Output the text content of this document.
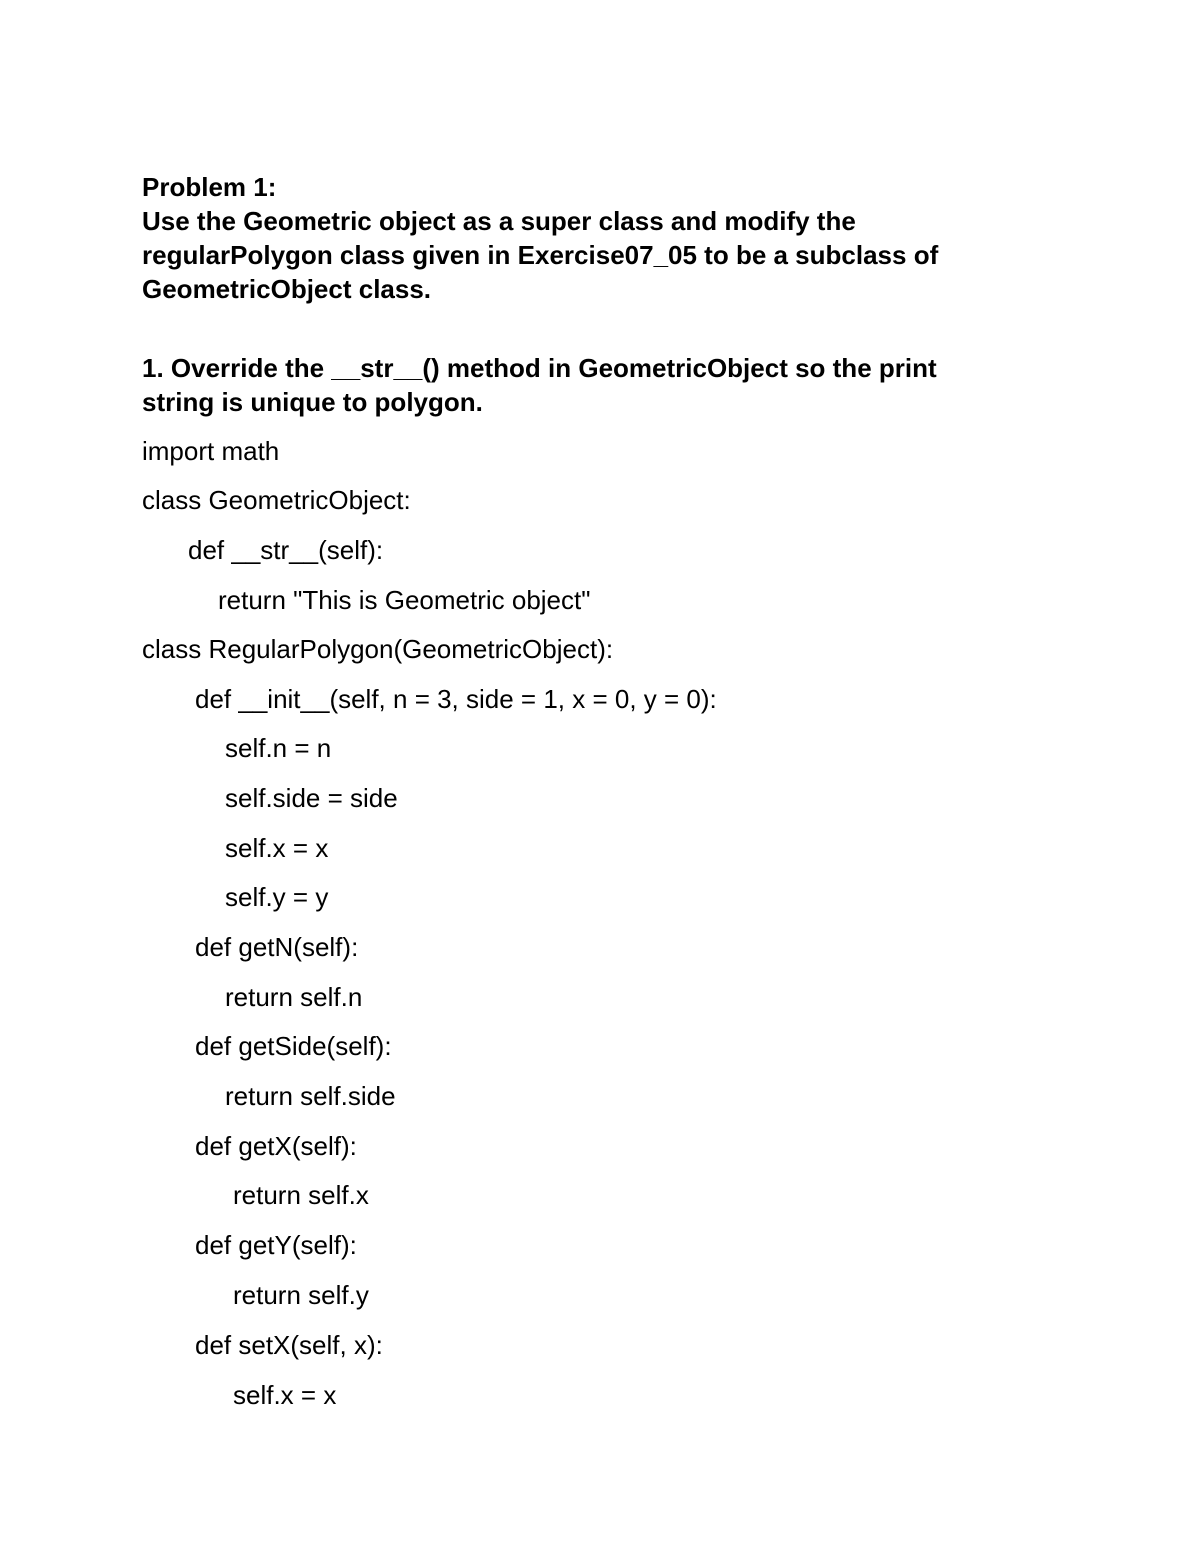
Problem 1:
Use the Geometric object as a super class and modify the
regularPolygon class given in Exercise07_05 to be a subclass of
GeometricObject class.
1. Override the __str__() method in GeometricObject so the print
string is unique to polygon.
import math
class GeometricObject:
def __str__(self):
return "This is Geometric object"
class RegularPolygon(GeometricObject):
def __init__(self, n = 3, side = 1, x = 0, y = 0):
self.n = n
self.side = side
self.x = x
self.y = y
def getN(self):
return self.n
def getSide(self):
return self.side
def getX(self):
return self.x
def getY(self):
return self.y
def setX(self, x):
self.x = x
